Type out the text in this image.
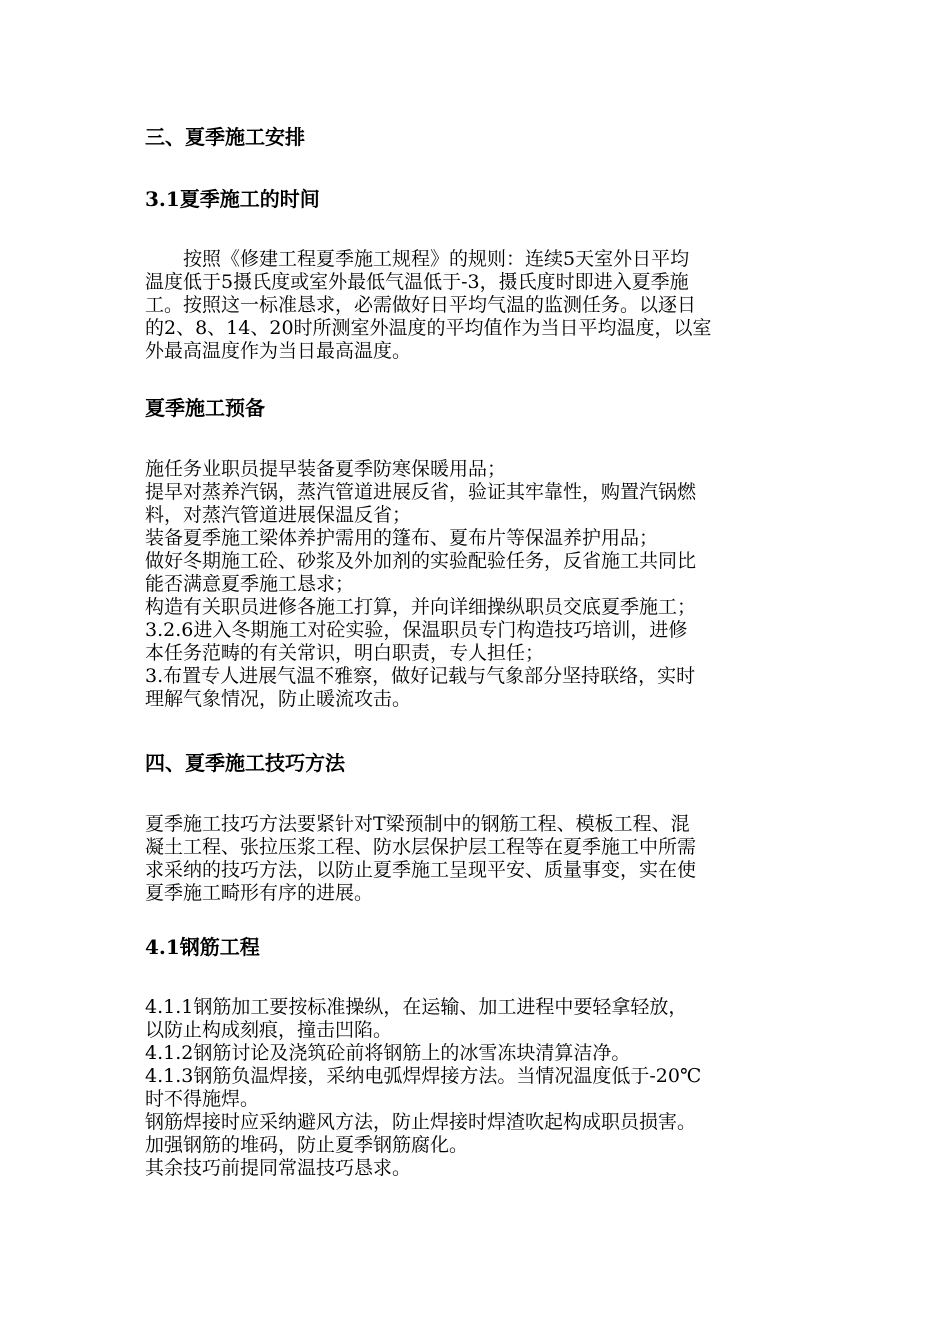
三、夏季施工安排
3.1夏季施工的时间
　　按照《修建工程夏季施工规程》的规则：连续5天室外日平均
温度低于5摄氏度或室外最低气温低于-3，摄氏度时即进入夏季施
工。按照这一标准恳求，必需做好日平均气温的监测任务。以逐日
的2、8、14、20时所测室外温度的平均值作为当日平均温度，以室
外最高温度作为当日最高温度。
夏季施工预备
施任务业职员提早装备夏季防寒保暖用品；
提早对蒸养汽锅，蒸汽管道进展反省，验证其牢靠性，购置汽锅燃
料，对蒸汽管道进展保温反省；
装备夏季施工梁体养护需用的篷布、夏布片等保温养护用品；
做好冬期施工砼、砂浆及外加剂的实验配验任务，反省施工共同比
能否满意夏季施工恳求；
构造有关职员进修各施工打算，并向详细操纵职员交底夏季施工；
3.2.6进入冬期施工对砼实验，保温职员专门构造技巧培训，进修
本任务范畴的有关常识，明白职责，专人担任；
3.布置专人进展气温不雅察，做好记载与气象部分坚持联络，实时
理解气象情况，防止暖流攻击。
四、夏季施工技巧方法
夏季施工技巧方法要紧针对T梁预制中的钢筋工程、模板工程、混
凝土工程、张拉压浆工程、防水层保护层工程等在夏季施工中所需
求采纳的技巧方法，以防止夏季施工呈现平安、质量事变，实在使
夏季施工畸形有序的进展。
4.1钢筋工程
4.1.1钢筋加工要按标准操纵，在运输、加工进程中要轻拿轻放，
以防止构成刻痕，撞击凹陷。
4.1.2钢筋讨论及浇筑砼前将钢筋上的冰雪冻块清算洁净。
4.1.3钢筋负温焊接，采纳电弧焊焊接方法。当情况温度低于-20℃
时不得施焊。
钢筋焊接时应采纳避风方法，防止焊接时焊渣吹起构成职员损害。
加强钢筋的堆码，防止夏季钢筋腐化。
其余技巧前提同常温技巧恳求。
